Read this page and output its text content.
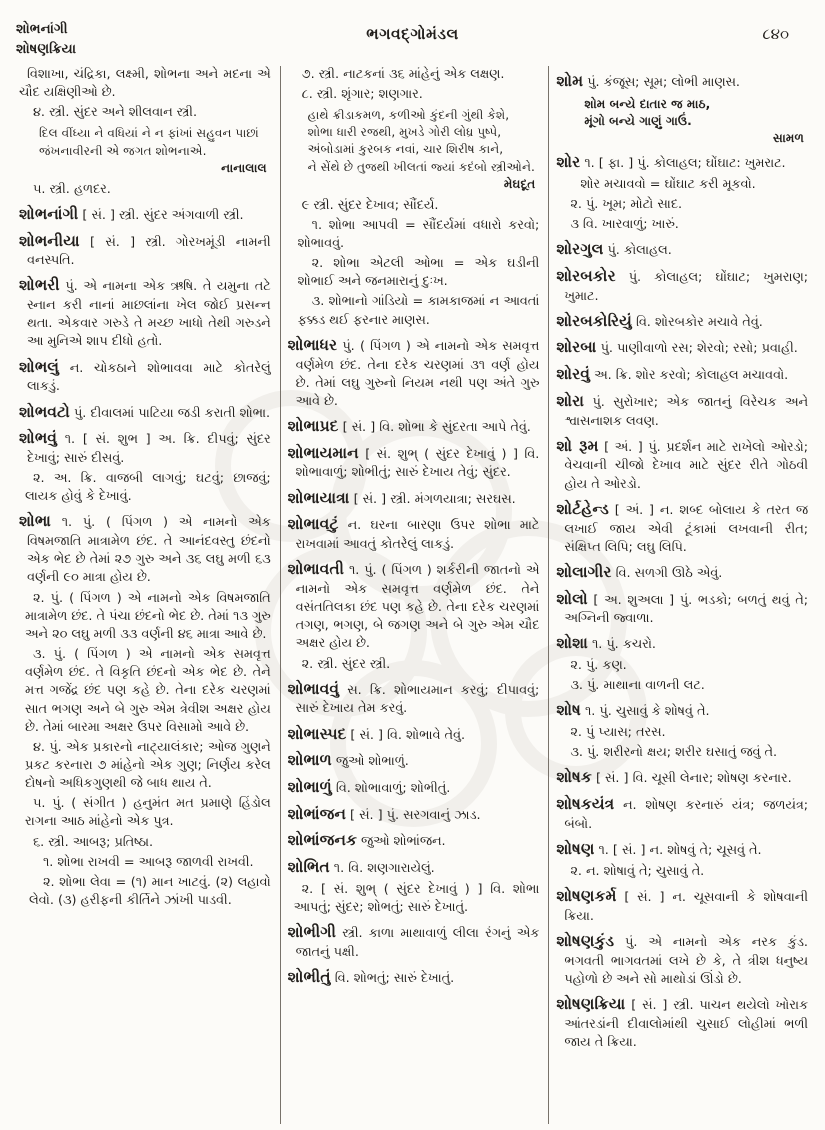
શોભનાંગી
શોષણક્રિયા
ભગવદ્ગોમંડલ	૮૪૦
વિશાખા, ચંદ્રિકા, લક્ષ્મી, શોભના અને મદના એ ચૌદ યક્ષિણીઓ છે.
૪. સ્ત્રી. સુંદર અને શીલવાન સ્ત્રી.
દિલ વીંધ્યા ને વધિયાં ને ન ફાંખાં સહુવન પાછાં
જંખનાવીરની એ જગત શોભનાએ.
નાનાલાલ
૫. સ્ત્રી. હળદર.
શોભનાંગી [ સં. ] સ્ત્રી. સુંદર અંગવાળી સ્ત્રી.
શોભનીયા [ સં. ] સ્ત્રી. ગોરખમૂંડી નામની વનસ્પતિ.
શોભરી પું. એ નામના એક ઋષિ. તે યમુના તટે સ્નાન કરી નાનાં માછલાંના ખેલ જોઈ પ્રસન્ન થતા. એકવાર ગરુડે તે મચ્છ ખાધો તેથી ગરુડને આ મુનિએ શાપ દીધો હતો.
શોભલું ન. ચોકઠાને શોભાવવા માટે કોતરેલું લાકડું.
શોભવટો પું. દીવાલમાં પાટિયા જડી કરાતી શોભા.
શોભવું ૧. [ સં. શુભ ] અ. ક્રિ. દીપવું; સુંદર દેખાવું; સારું દીસવું.
૨. અ. ક્રિ. વાજબી લાગવું; ઘટવું; છાજવું; લાયક હોવું કે દેખાવું.
શોભા ૧. પું. ( પિંગળ ) એ નામનો એક વિષમજાતિ માત્રામેળ છંદ. તે આનંદવસ્તુ છંદનો એક ભેદ છે તેમાં ૨૭ ગુરુ અને ૩૬ લઘુ મળી ૬૩ વર્ણની ૯૦ માત્રા હોય છે.
૨. પું. ( પિંગળ ) એ નામનો એક વિષમજાતિ માત્રામેળ છંદ. તે પંચા છંદનો ભેદ છે. તેમાં ૧૩ ગુરુ અને ૨૦ લઘુ મળી ૩૩ વર્ણની ૪૬ માત્રા આવે છે.
૩. પું. ( પિંગળ ) એ નામનો એક સમવૃત્ત વર્ણમેળ છંદ. તે વિકૃતિ છંદનો એક ભેદ છે. તેને મત્ત ગજેંદ્ર છંદ પણ કહે છે. તેના દરેક ચરણમાં સાત ભગણ અને બે ગુરુ એમ ત્રેવીશ અક્ષર હોય છે. તેમાં બારમા અક્ષર ઉપર વિસામો આવે છે.
૪. પું. એક પ્રકારનો નાટ્યાલંકાર; ઓજ ગુણને પ્રકટ કરનારા ૭ માંહેનો એક ગુણ; નિર્ણય કરેલ દોષનો અધિકગુણથી જે બાધ થાય તે.
૫. પું. ( સંગીત ) હનુમંત મત પ્રમાણે હિંડોલ રાગના આઠ માંહેનો એક પુત્ર.
૬. સ્ત્રી. આબરૂ; પ્રતિષ્ઠા.
૧. શોભા રાખવી = આબરૂ જાળવી રાખવી.
૨. શોભા લેવા = (૧) માન ખાટવું. (૨) લહાવો લેવો. (૩) હરીફની કીર્તિને ઝાંખી પાડવી.
૭. સ્ત્રી. નાટકનાં ૩૬ માંહેનું એક લક્ષણ.
૮. સ્ત્રી. શૃંગાર; શણગાર.
હાથે ક્રીડાકમળ, કળીઓ કુંદની ગુંથી કેશે,
શોભા ધારી રજથી, મુખડે ગોરી લોધ્ર પુષ્પે,
અંબોડામાં કુરબક નવાં, ચાર શિરીષ કાને,
ને સેંથે છે તુજથી ખીલતાં જ્યાં કદંબો સ્ત્રીઓને.
મેઘદૂત
૯ સ્ત્રી. સુંદર દેખાવ; સૌંદર્ય.
૧. શોભા આપવી = સૌંદર્યમાં વધારો કરવો; શોભાવવું.
૨. શોભા એટલી ઓભા = એક ઘડીની શોભાઈ અને જનમારાનું દુઃખ.
૩. શોભાનો ગાંડિયો = કામકાજમાં ન આવતાં ફક્કડ થઈ ફરનાર માણસ.
શોભાધર પું. ( પિંગળ ) એ નામનો એક સમવૃત્ત વર્ણમેળ છંદ. તેના દરેક ચરણમાં ૩૧ વર્ણ હોય છે. તેમાં લઘુ ગુરુનો નિયમ નથી પણ અંતે ગુરુ આવે છે.
શોભાપ્રદ [ સં. ] વિ. શોભા કે સુંદરતા આપે તેવું.
શોભાયમાન [ સં. શુભ્ ( સુંદર દેખાવું ) ] વિ. શોભાવાળું; શોભીતું; સારું દેખાય તેવું; સુંદર.
શોભાયાત્રા [ સં. ] સ્ત્રી. મંગળયાત્રા; સરઘસ.
શોભાવટું ન. ઘરના બારણા ઉપર શોભા માટે રાખવામાં આવતું કોતરેલું લાકડું.
શોભાવતી ૧. પું. ( પિંગળ ) શર્કરીની જાતનો એ નામનો એક સમવૃત્ત વર્ણમેળ છંદ. તેને વસંતતિલકા છંદ પણ કહે છે. તેના દરેક ચરણમાં તગણ, ભગણ, બે જગણ અને બે ગુરુ એમ ચૌદ અક્ષર હોય છે.
૨. સ્ત્રી. સુંદર સ્ત્રી.
શોભાવવું સ. ક્રિ. શોભાયમાન કરવું; દીપાવવું; સારું દેખાય તેમ કરવું.
શોભાસ્પદ [ સં. ] વિ. શોભાવે તેવું.
શોભાળ જુઓ શોભાળું.
શોભાળું વિ. શોભાવાળું; શોભીતું.
શોભાંજન [ સં. ] પું. સરગવાનું ઝાડ.
શોભાંજનક જુઓ શોભાંજન.
શોભિત ૧. વિ. શણગારાયેલું.
૨. [ સં. શુભ્ ( સુંદર દેખાવું ) ] વિ. શોભા આપતું; સુંદર; શોભતું; સારું દેખાતું.
શોભીગી સ્ત્રી. કાળા માથાવાળું લીલા રંગનું એક જાતનું પક્ષી.
શોભીતું વિ. શોભતું; સારું દેખાતું.
શોમ પું. કંજૂસ; સૂમ; લોભી માણસ.
શોમ બન્યે દાતાર જ માઠ,
મૂંગો બન્યે ગાણું ગાઉં.
સામળ
શોર ૧. [ ફા. ] પું. કોલાહલ; ઘોંઘાટ: ખુમરાટ.
શોર મચાવવો = ઘોંઘાટ કરી મૂકવો.
૨. પું. ખૂમ; મોટો સાદ.
૩ વિ. ખારવાળું; ખારું.
શોરગુલ પું. કોલાહલ.
શોરબકોર પું. કોલાહલ; ઘોંઘાટ; ખુમરાણ; ખુમાટ.
શોરબકોરિયું વિ. શોરબકોર મચાવે તેવું.
શોરબા પું. પાણીવાળો રસ; શેરવો; રસો; પ્રવાહી.
શોરવું અ. ક્રિ. શોર કરવો; કોલાહલ મચાવવો.
શોરા પું. સુરોખાર; એક જાતનું વિરેચક અને શ્વાસનાશક લવણ.
શો રૂમ [ અં. ] પું. પ્રદર્શન માટે રાખેલો ઓરડો; વેચવાની ચીજો દેખાવ માટે સુંદર રીતે ગોઠવી હોય તે ઓરડો.
શોર્ટહેન્ડ [ અં. ] ન. શબ્દ બોલાય કે તરત જ લખાઈ જાય એવી ટૂંકામાં લખવાની રીત; સંક્ષિપ્ત લિપિ; લઘુ લિપિ.
શોલાગીર વિ. સળગી ઊઠે એવું.
શોલો [ અ. શુઅલા ] પું. ભડકો; બળતું થવું તે; અગ્નિની જ્વાળા.
શોશા ૧. પું. કચરો.
૨. પું. કણ.
૩. પું. માથાના વાળની લટ.
શોષ ૧. પું. ચુસાવું કે શોષવું તે.
૨. પું પ્યાસ; તરસ.
૩. પું. શરીરનો ક્ષય; શરીર ઘસાતું જવું તે.
શોષક [ સં. ] વિ. ચૂસી લેનાર; શોષણ કરનાર.
શોષકયંત્ર ન. શોષણ કરનારું યંત્ર; જળયંત્ર; બંબો.
શોષણ ૧. [ સં. ] ન. શોષવું તે; ચૂસવું તે.
૨. ન. શોષાવું તે; ચુસાવું તે.
શોષણકર્મ [ સં. ] ન. ચૂસવાની કે શોષવાની ક્રિયા.
શોષણકુંડ પું. એ નામનો એક નરક કુંડ. ભગવતી ભાગવતમાં લખે છે કે, તે ત્રીશ ધનુષ્ય પહોળો છે અને સો માથોડાં ઊંડો છે.
શોષણક્રિયા [ સં. ] સ્ત્રી. પાચન થયેલો ખોરાક આંતરડાંની દીવાલોમાંથી ચુસાઈ લોહીમાં ભળી જાય તે ક્રિયા.
